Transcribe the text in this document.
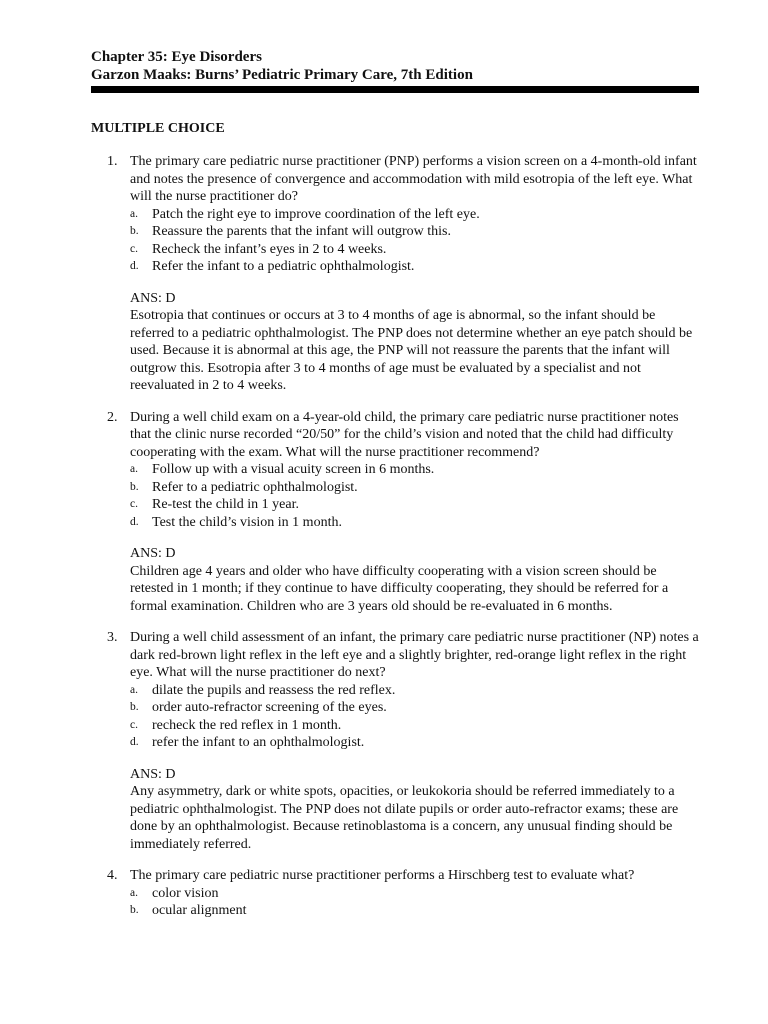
Chapter 35: Eye Disorders
Garzon Maaks: Burns’ Pediatric Primary Care, 7th Edition
MULTIPLE CHOICE
1. The primary care pediatric nurse practitioner (PNP) performs a vision screen on a 4-month-old infant and notes the presence of convergence and accommodation with mild esotropia of the left eye. What will the nurse practitioner do?
a. Patch the right eye to improve coordination of the left eye.
b. Reassure the parents that the infant will outgrow this.
c. Recheck the infant’s eyes in 2 to 4 weeks.
d. Refer the infant to a pediatric ophthalmologist.
ANS: D
Esotropia that continues or occurs at 3 to 4 months of age is abnormal, so the infant should be referred to a pediatric ophthalmologist. The PNP does not determine whether an eye patch should be used. Because it is abnormal at this age, the PNP will not reassure the parents that the infant will outgrow this. Esotropia after 3 to 4 months of age must be evaluated by a specialist and not reevaluated in 2 to 4 weeks.
2. During a well child exam on a 4-year-old child, the primary care pediatric nurse practitioner notes that the clinic nurse recorded “20/50” for the child’s vision and noted that the child had difficulty cooperating with the exam. What will the nurse practitioner recommend?
a. Follow up with a visual acuity screen in 6 months.
b. Refer to a pediatric ophthalmologist.
c. Re-test the child in 1 year.
d. Test the child’s vision in 1 month.
ANS: D
Children age 4 years and older who have difficulty cooperating with a vision screen should be retested in 1 month; if they continue to have difficulty cooperating, they should be referred for a formal examination. Children who are 3 years old should be re-evaluated in 6 months.
3. During a well child assessment of an infant, the primary care pediatric nurse practitioner (NP) notes a dark red-brown light reflex in the left eye and a slightly brighter, red-orange light reflex in the right eye. What will the nurse practitioner do next?
a. dilate the pupils and reassess the red reflex.
b. order auto-refractor screening of the eyes.
c. recheck the red reflex in 1 month.
d. refer the infant to an ophthalmologist.
ANS: D
Any asymmetry, dark or white spots, opacities, or leukokoria should be referred immediately to a pediatric ophthalmologist. The PNP does not dilate pupils or order auto-refractor exams; these are done by an ophthalmologist. Because retinoblastoma is a concern, any unusual finding should be immediately referred.
4. The primary care pediatric nurse practitioner performs a Hirschberg test to evaluate what?
a. color vision
b. ocular alignment
